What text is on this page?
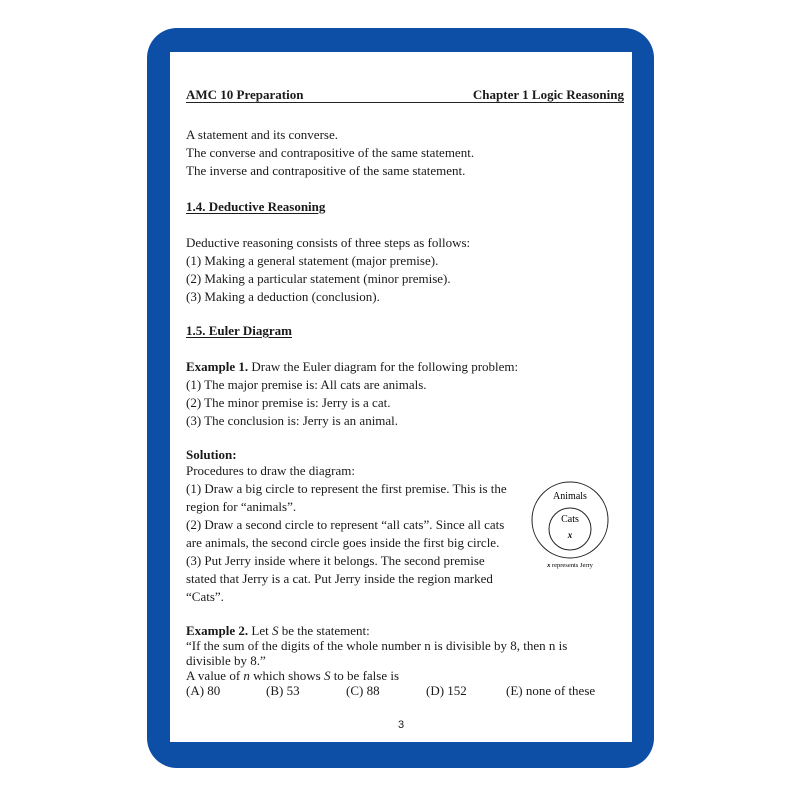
AMC 10 Preparation	Chapter 1 Logic Reasoning
A statement and its converse.
The converse and contrapositive of the same statement.
The inverse and contrapositive of the same statement.
1.4. Deductive Reasoning
Deductive reasoning consists of three steps as follows:
(1) Making a general statement (major premise).
(2) Making a particular statement (minor premise).
(3) Making a deduction (conclusion).
1.5. Euler Diagram
Example 1. Draw the Euler diagram for the following problem:
(1) The major premise is: All cats are animals.
(2) The minor premise is: Jerry is a cat.
(3) The conclusion is: Jerry is an animal.
Solution:
Procedures to draw the diagram:
(1) Draw a big circle to represent the first premise. This is the
region for “animals”.
(2) Draw a second circle to represent “all cats”. Since all cats
are animals, the second circle goes inside the first big circle.
(3) Put Jerry inside where it belongs. The second premise
stated that Jerry is a cat. Put Jerry inside the region marked
“Cats”.
Animals
Cats
x
x represents Jerry
Example 2. Let S be the statement:
“If the sum of the digits of the whole number n is divisible by 8, then n is
divisible by 8.”
A value of n which shows S to be false is
(A) 80	(B) 53	(C) 88	(D) 152	(E) none of these
3
